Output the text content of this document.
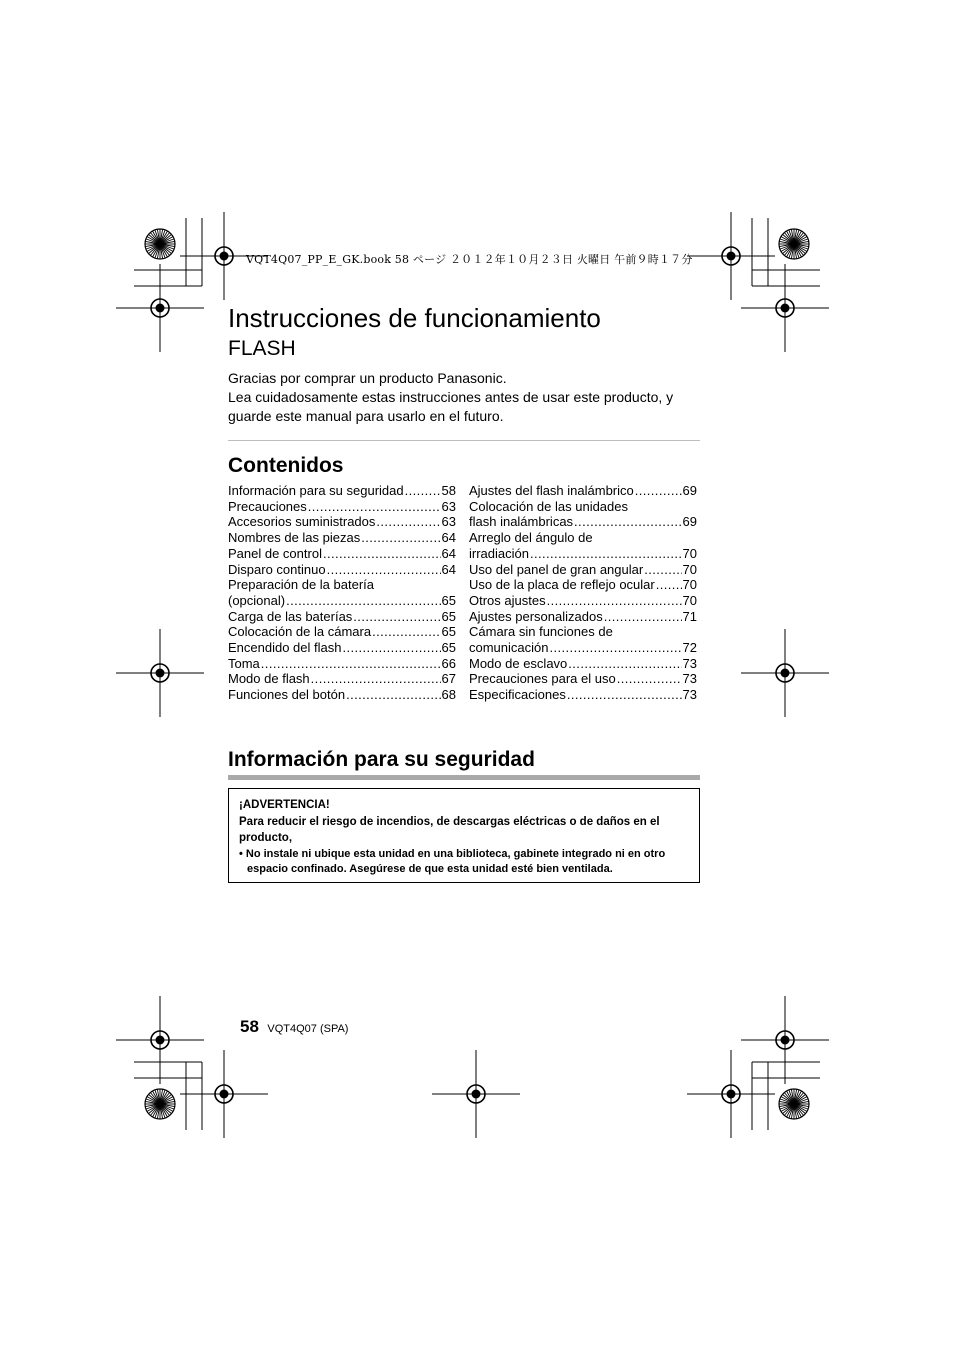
VQT4Q07_PP_E_GK.book 58 ページ ２０１２年１０月２３日 火曜日 午前９時１７分
Instrucciones de funcionamiento
FLASH

Gracias por comprar un producto Panasonic.

Lea cuidadosamente estas instrucciones antes de usar este producto, y guarde este manual para usarlo en el futuro.

Contenidos
Información para su seguridad .....	58
Precauciones .....	63
Accesorios suministrados .....	63
Nombres de las piezas .....	64
Panel de control .....	64
Disparo continuo .....	64
Preparación de la batería
(opcional) .....	65
Carga de las baterías .....	65
Colocación de la cámara .....	65
Encendido del flash .....	65
Toma .....	66
Modo de flash .....	67
Funciones del botón .....	68
Ajustes del flash inalámbrico .....	69
Colocación de las unidades
flash inalámbricas .....	69
Arreglo del ángulo de
irradiación .....	70
Uso del panel de gran angular .....	70
Uso de la placa de reflejo ocular ..... 70
Otros ajustes .....	70
Ajustes personalizados .....	71
Cámara sin funciones de
comunicación .....	72
Modo de esclavo .....	73
Precauciones para el uso .....	73
Especificaciones .....	73
Información para su seguridad
¡ADVERTENCIA!
Para reducir el riesgo de incendios, de descargas eléctricas o de daños en el producto,
• No instale ni ubique esta unidad en una biblioteca, gabinete integrado ni en otro espacio confinado. Asegúrese de que esta unidad esté bien ventilada.
58 VQT4Q07 (SPA)
